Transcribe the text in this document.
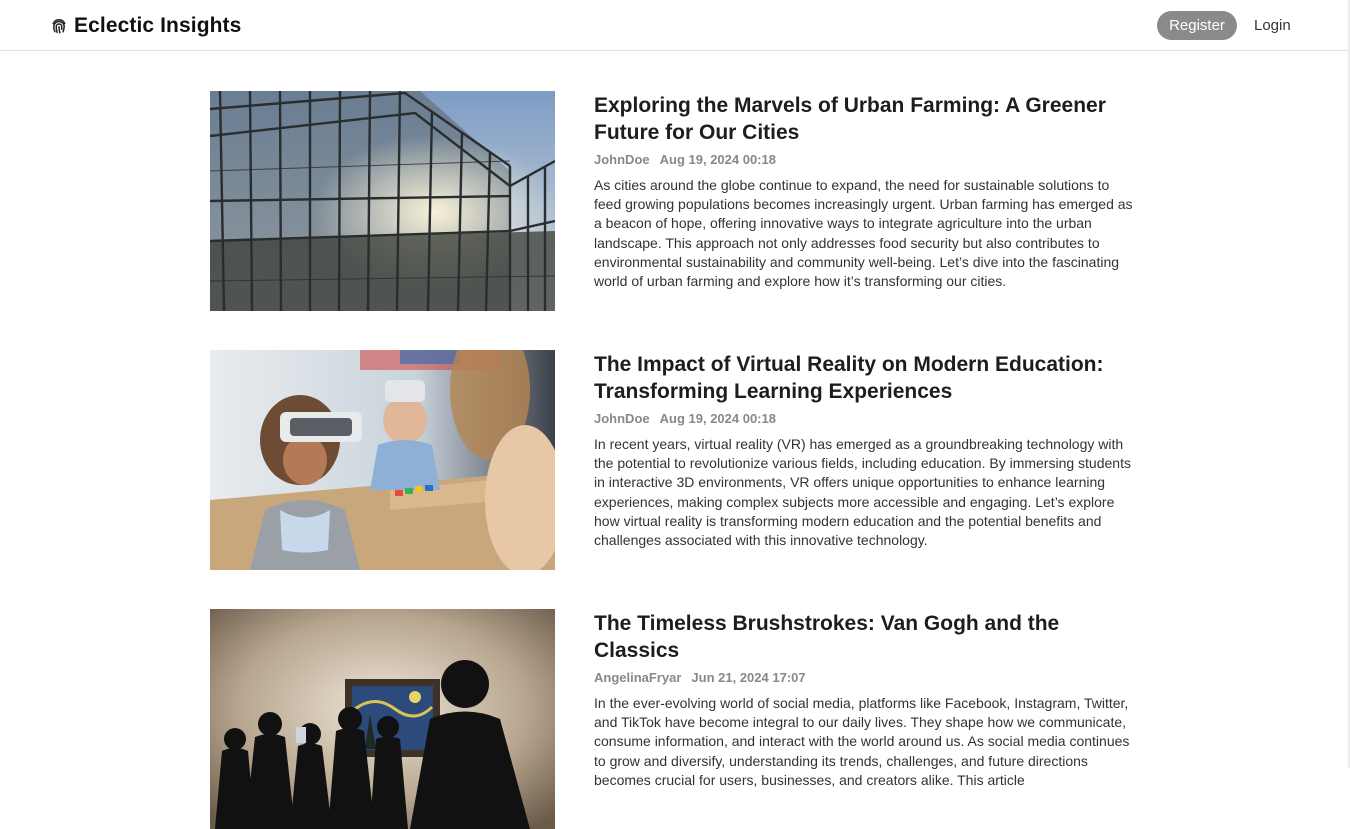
Eclectic Insights	Register	Login
Exploring the Marvels of Urban Farming: A Greener Future for Our Cities
JohnDoe Aug 19, 2024 00:18

As cities around the globe continue to expand, the need for sustainable solutions to feed growing populations becomes increasingly urgent. Urban farming has emerged as a beacon of hope, offering innovative ways to integrate agriculture into the urban landscape. This approach not only addresses food security but also contributes to environmental sustainability and community well-being. Let’s dive into the fascinating world of urban farming and explore how it’s transforming our cities.

The Impact of Virtual Reality on Modern Education: Transforming Learning Experiences
JohnDoe Aug 19, 2024 00:18

In recent years, virtual reality (VR) has emerged as a groundbreaking technology with the potential to revolutionize various fields, including education. By immersing students in interactive 3D environments, VR offers unique opportunities to enhance learning experiences, making complex subjects more accessible and engaging. Let’s explore how virtual reality is transforming modern education and the potential benefits and challenges associated with this innovative technology.

The Timeless Brushstrokes: Van Gogh and the Classics
AngelinaFryar Jun 21, 2024 17:07

In the ever-evolving world of social media, platforms like Facebook, Instagram, Twitter, and TikTok have become integral to our daily lives. They shape how we communicate, consume information, and interact with the world around us. As social media continues to grow and diversify, understanding its trends, challenges, and future directions becomes crucial for users, businesses, and creators alike. This article
